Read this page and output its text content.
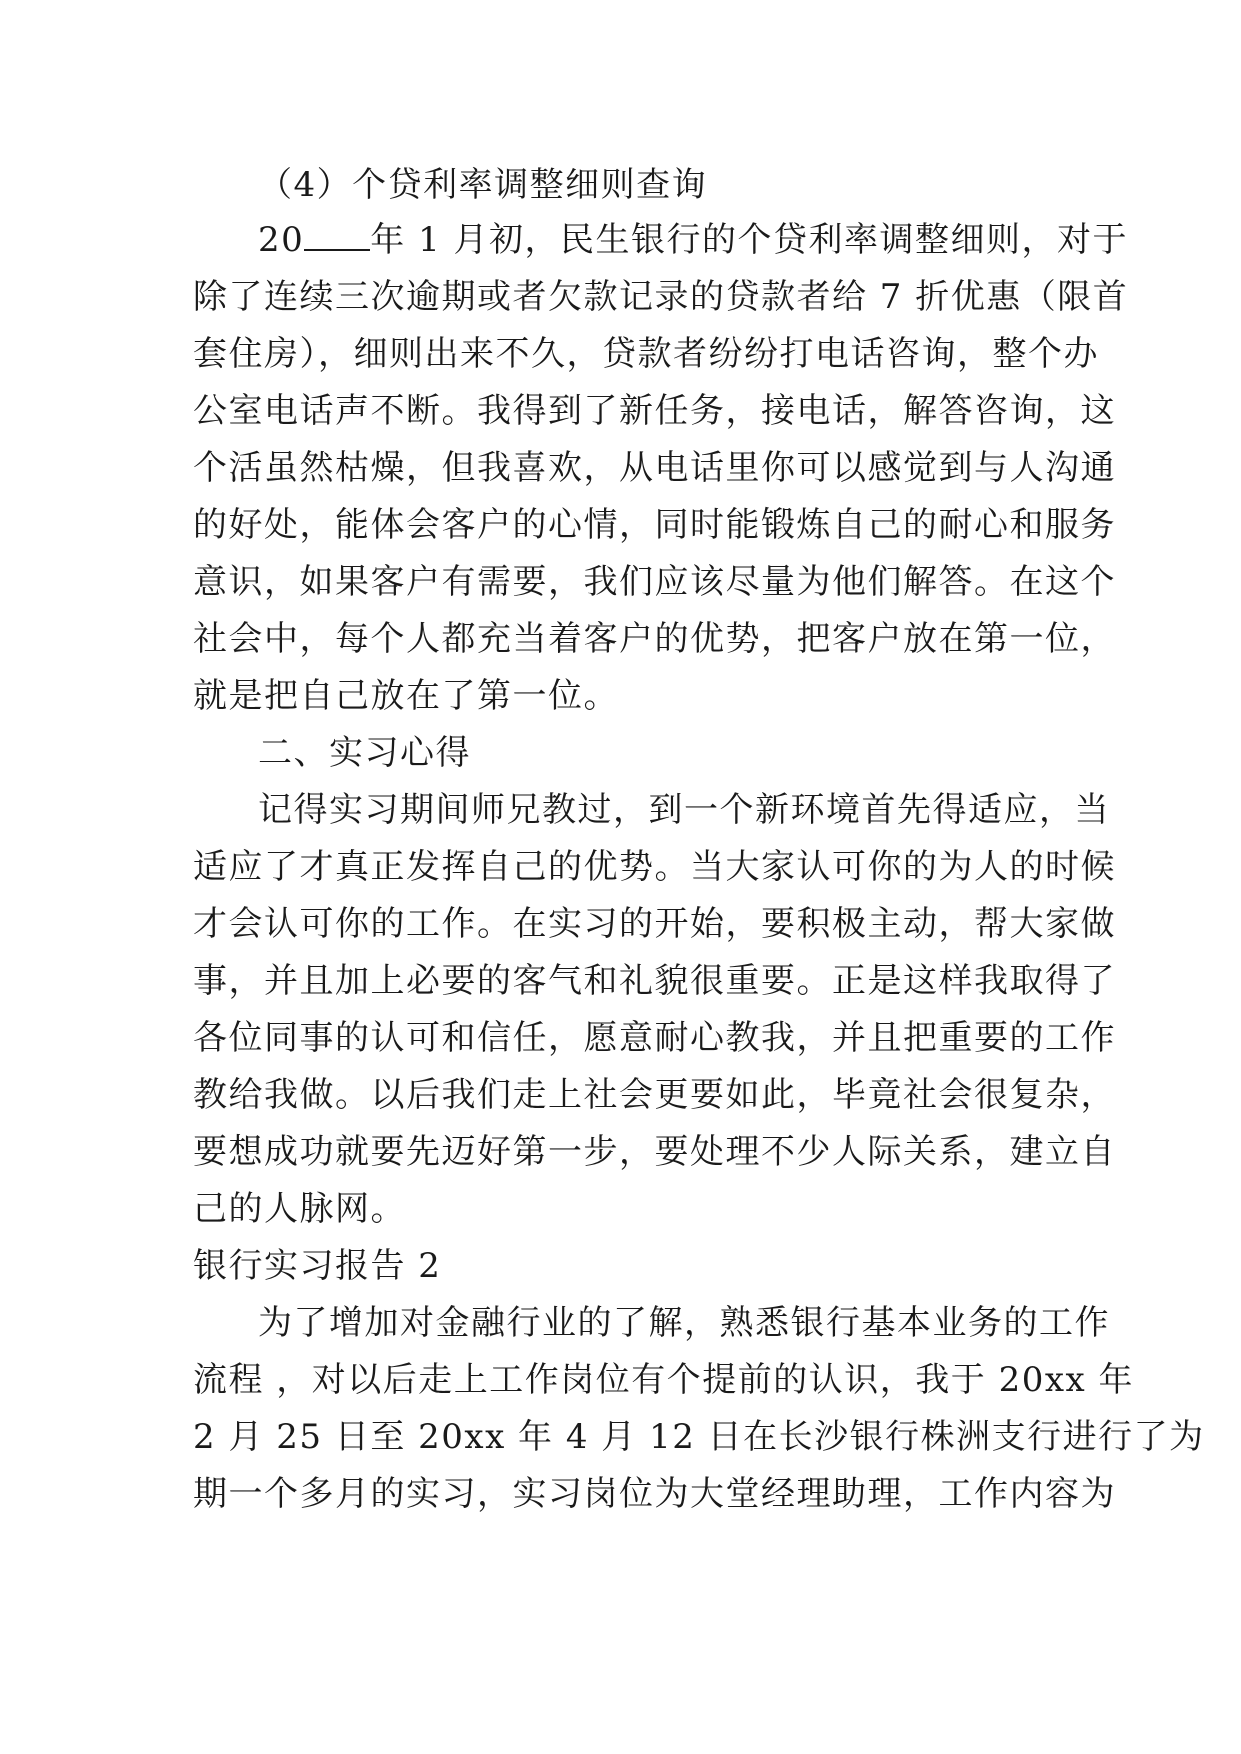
（4）个贷利率调整细则查询
20 年 1 月初，民生银行的个贷利率调整细则，对于
除了连续三次逾期或者欠款记录的贷款者给 7 折优惠（限首
套住房），细则出来不久，贷款者纷纷打电话咨询，整个办
公室电话声不断。我得到了新任务，接电话，解答咨询，这
个活虽然枯燥，但我喜欢，从电话里你可以感觉到与人沟通
的好处，能体会客户的心情，同时能锻炼自己的耐心和服务
意识，如果客户有需要，我们应该尽量为他们解答。在这个
社会中，每个人都充当着客户的优势，把客户放在第一位，
就是把自己放在了第一位。
二、实习心得
记得实习期间师兄教过，到一个新环境首先得适应，当
适应了才真正发挥自己的优势。当大家认可你的为人的时候
才会认可你的工作。在实习的开始，要积极主动，帮大家做
事，并且加上必要的客气和礼貌很重要。正是这样我取得了
各位同事的认可和信任，愿意耐心教我，并且把重要的工作
教给我做。以后我们走上社会更要如此，毕竟社会很复杂，
要想成功就要先迈好第一步，要处理不少人际关系，建立自
己的人脉网。
银行实习报告 2
为了增加对金融行业的了解，熟悉银行基本业务的工作
流程 ，对以后走上工作岗位有个提前的认识，我于 20xx 年
2 月 25 日至 20xx 年 4 月 12 日在长沙银行株洲支行进行了为
期一个多月的实习，实习岗位为大堂经理助理，工作内容为
